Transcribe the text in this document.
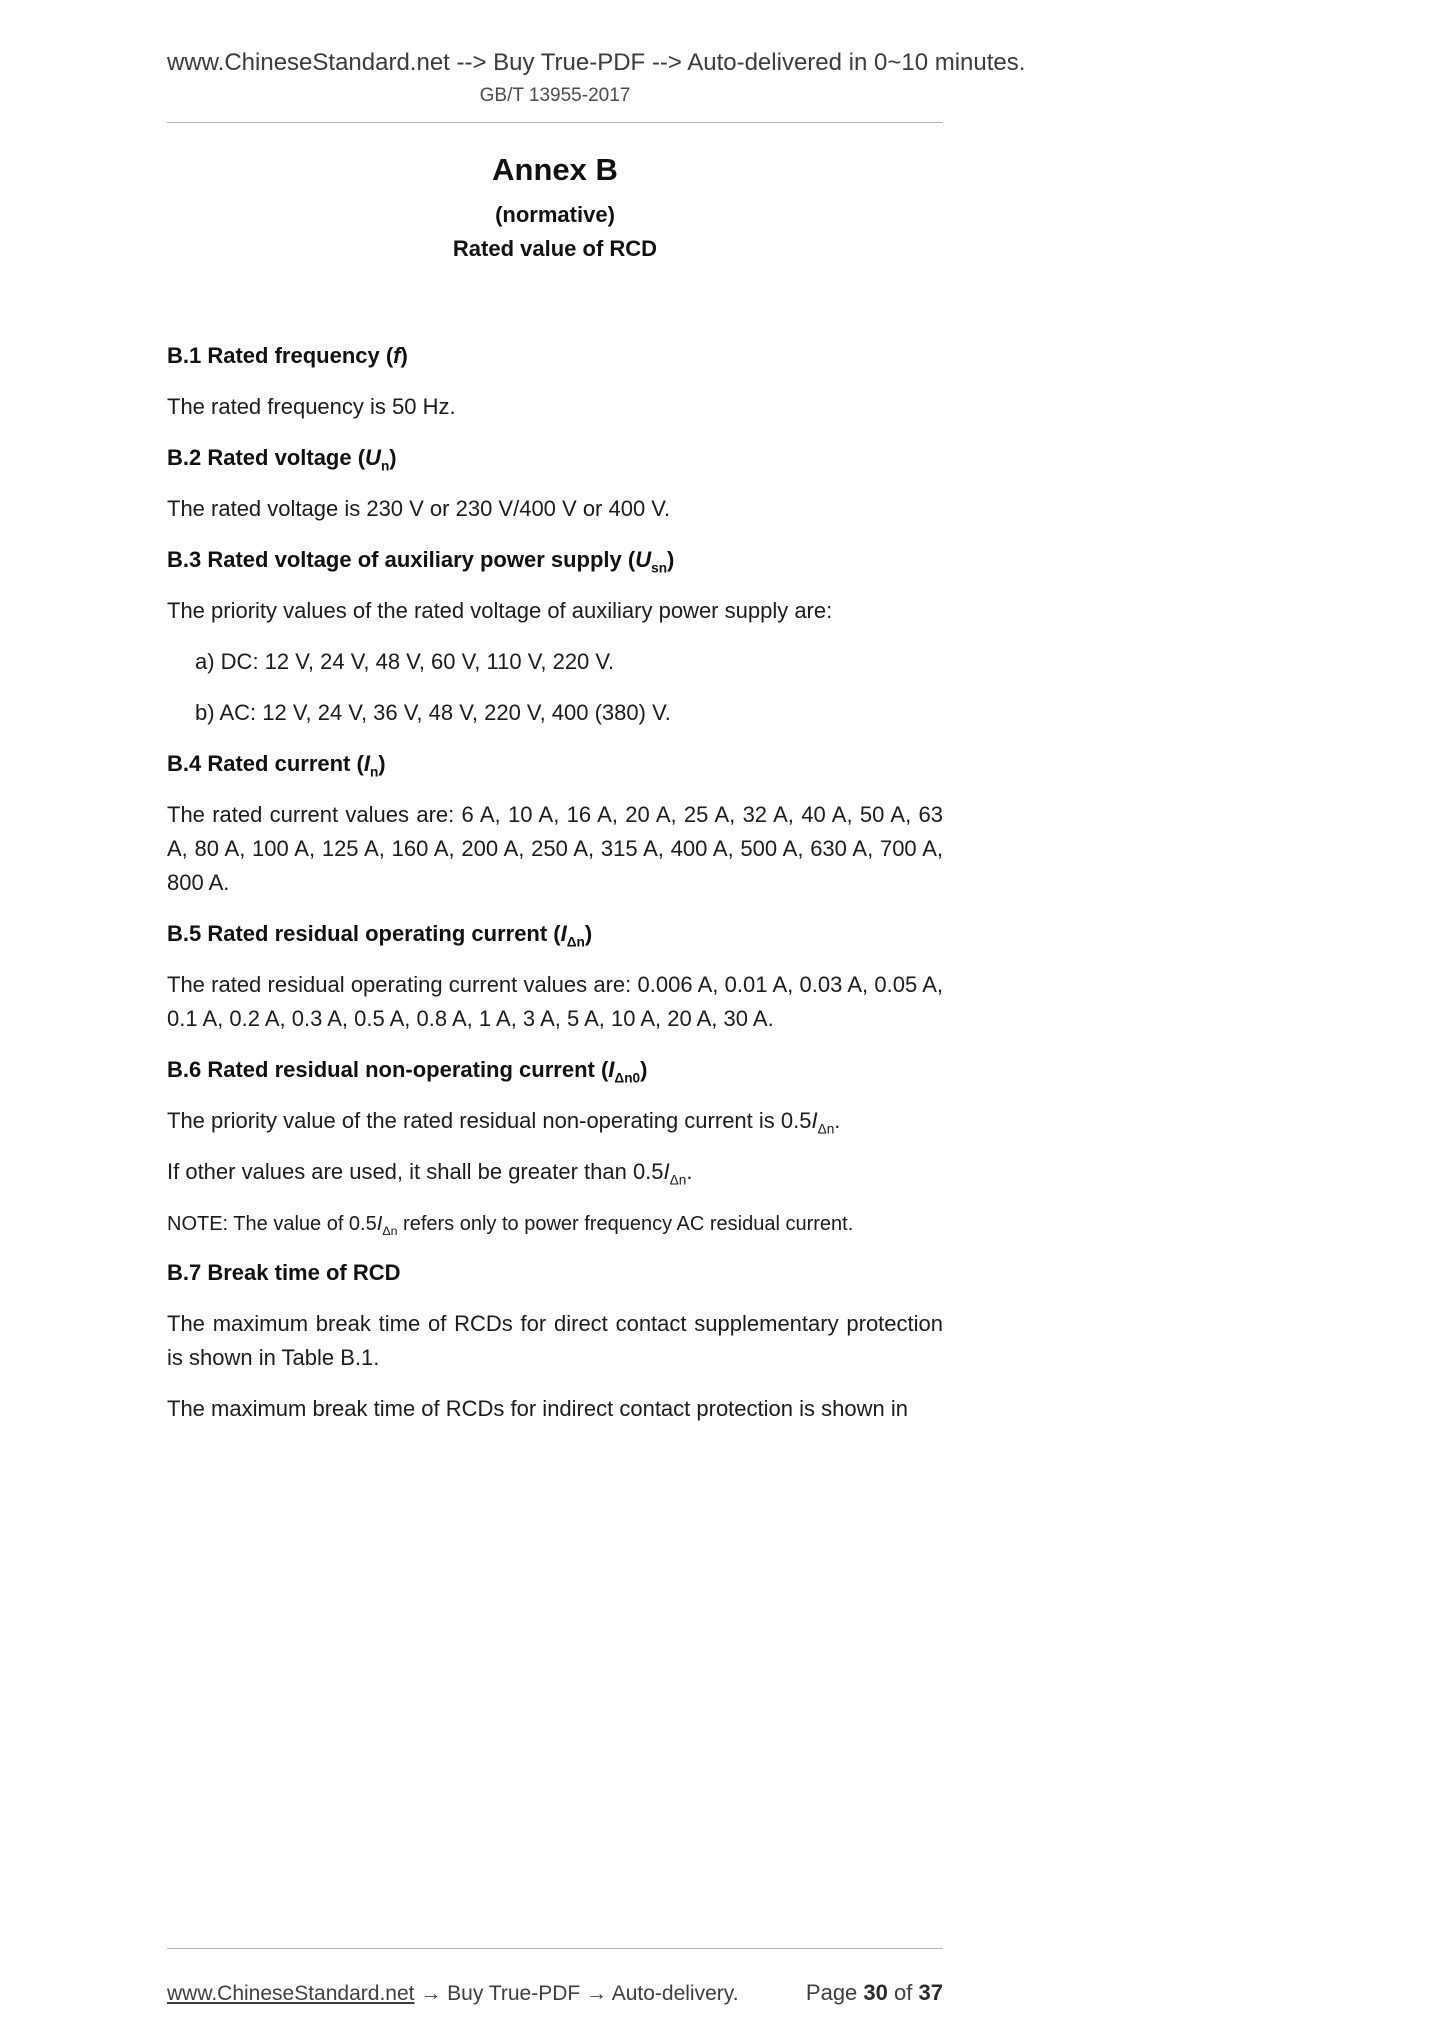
www.ChineseStandard.net --> Buy True-PDF --> Auto-delivered in 0~10 minutes.
GB/T 13955-2017
Annex B
(normative)
Rated value of RCD
B.1 Rated frequency (f)

The rated frequency is 50 Hz.

B.2 Rated voltage $(U_n)$

The rated voltage is 230 V or 230 V/400 V or 400 V.

B.3 Rated voltage of auxiliary power supply $(U_{sn})$

The priority values of the rated voltage of auxiliary power supply are:

a) DC: 12 V, 24 V, 48 V, 60 V, 110 V, 220 V.

b) AC: 12 V, 24 V, 36 V, 48 V, 220 V, 400 (380) V.

B.4 Rated current $(I_n)$

The rated current values are: 6 A, 10 A, 16 A, 20 A, 25 A, 32 A, 40 A, 50 A, 63 A, 80 A, 100 A, 125 A, 160 A, 200 A, 250 A, 315 A, 400 A, 500 A, 630 A, 700 A, 800 A.

B.5 Rated residual operating current $(I_{\Delta n})$

The rated residual operating current values are: 0.006 A, 0.01 A, 0.03 A, 0.05 A, 0.1 A, 0.2 A, 0.3 A, 0.5 A, 0.8 A, 1 A, 3 A, 5 A, 10 A, 20 A, 30 A.

B.6 Rated residual non-operating current $(I_{\Delta n0})$

The priority value of the rated residual non-operating current is $0.5I_{\Delta n}$.

If other values are used, it shall be greater than $0.5I_{\Delta n}$.

NOTE: The value of $0.5I_{\Delta n}$ refers only to power frequency AC residual current.

B.7 Break time of RCD

The maximum break time of RCDs for direct contact supplementary protection is shown in Table B.1.

The maximum break time of RCDs for indirect contact protection is shown in

www.ChineseStandard.net → Buy True-PDF → Auto-delivery.	Page 30 of 37
